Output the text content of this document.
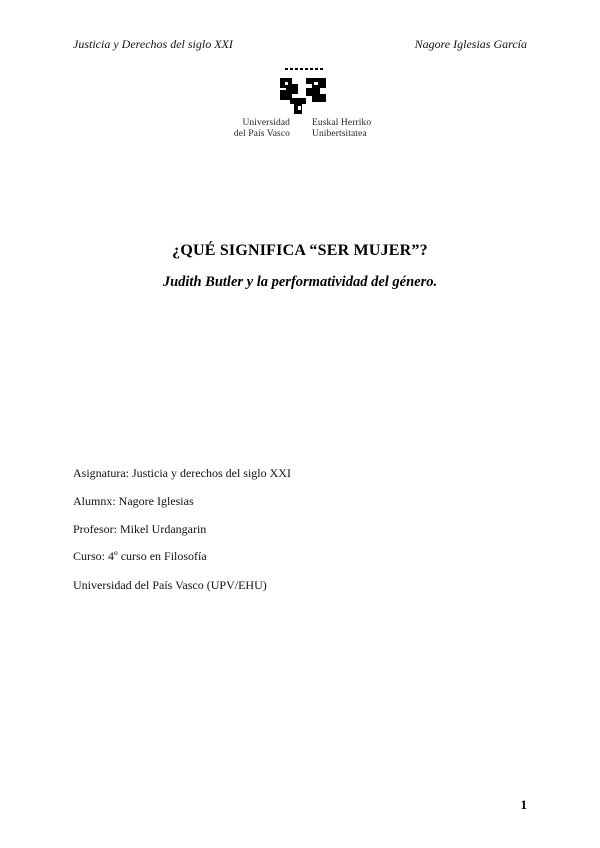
Justicia y Derechos del siglo XXI	Nagore Iglesias García
Universidad
del País Vasco
Euskal Herriko
Unibertsitatea
¿QUÉ SIGNIFICA “SER MUJER”?
Judith Butler y la performatividad del género.
Asignatura: Justicia y derechos del siglo XXI
Alumnx: Nagore Iglesias
Profesor: Mikel Urdangarin
Curso: 4º curso en Filosofía
Universidad del País Vasco (UPV/EHU)
1
